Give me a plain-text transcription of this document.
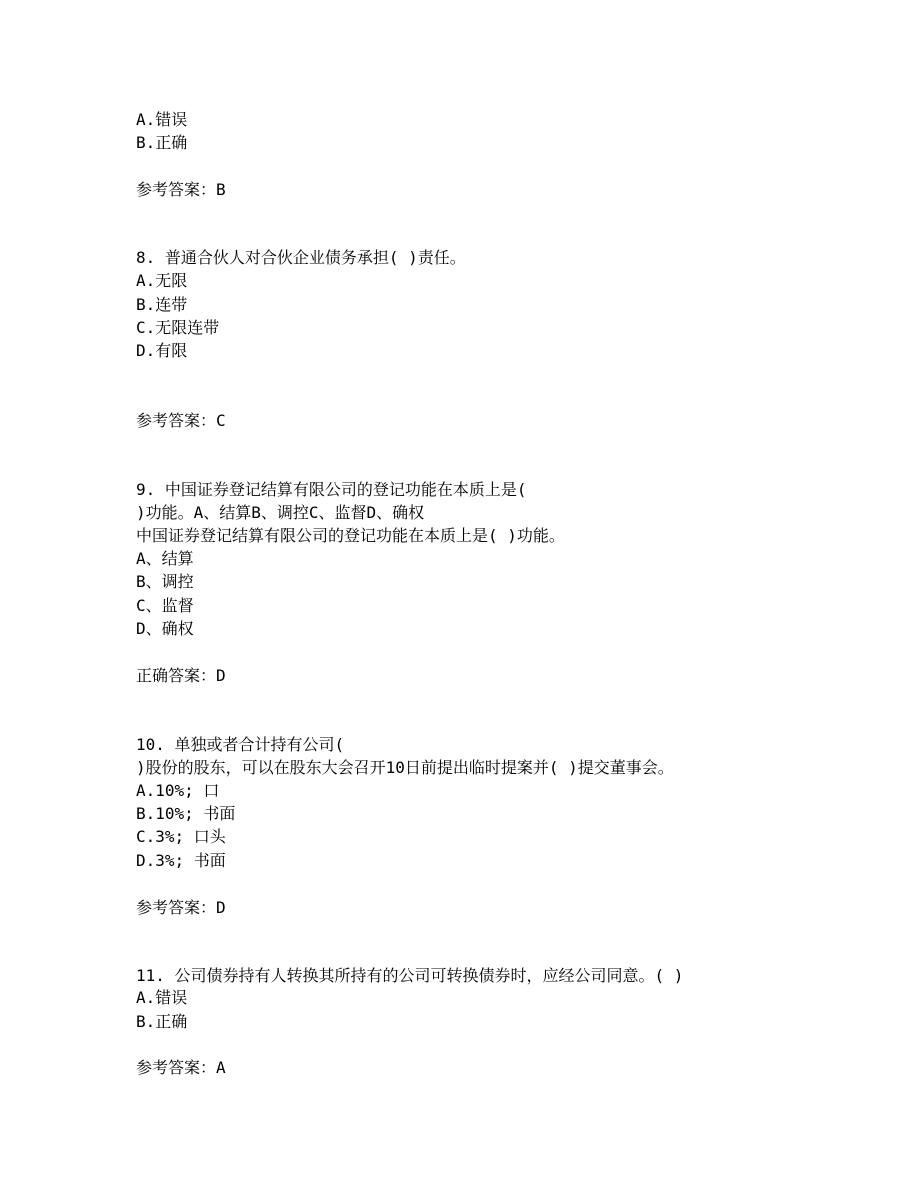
A.错误
B.正确
参考答案：B
8. 普通合伙人对合伙企业债务承担( )责任。
A.无限
B.连带
C.无限连带
D.有限
参考答案：C
9. 中国证券登记结算有限公司的登记功能在本质上是(
)功能。A、结算B、调控C、监督D、确权
中国证券登记结算有限公司的登记功能在本质上是( )功能。
A、结算
B、调控
C、监督
D、确权
正确答案：D
10. 单独或者合计持有公司(
)股份的股东，可以在股东大会召开10日前提出临时提案并( )提交董事会。
A.10%; 口
B.10%; 书面
C.3%; 口头
D.3%; 书面
参考答案：D
11. 公司债券持有人转换其所持有的公司可转换债券时，应经公司同意。( )
A.错误
B.正确
参考答案：A
